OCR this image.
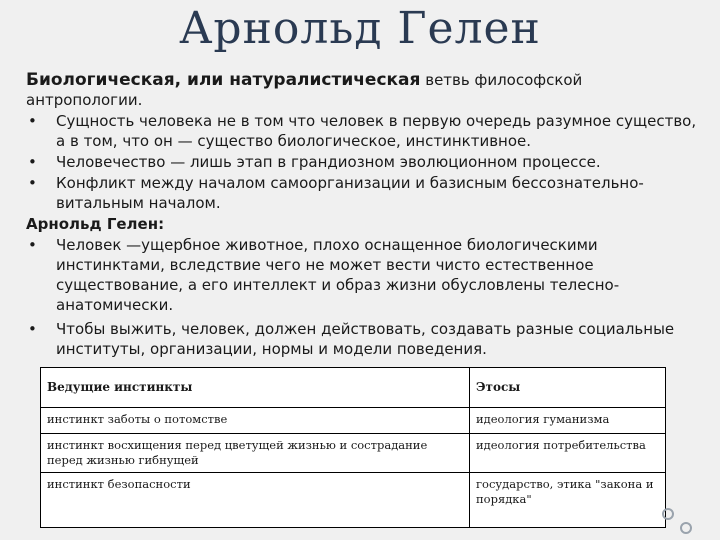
Арнольд Гелен
Биологическая, или натуралистическая ветвь философской
антропологии.
• Сущность человека не в том что человек в первую очередь разумное существо, а в том, что он — существо биологическое, инстинктивное.
• Человечество — лишь этап в грандиозном эволюционном процессе.
• Конфликт между началом самоорганизации и базисным бессознательно-витальным началом.
Арнольд Гелен:
• Человек —ущербное животное, плохо оснащенное биологическими инстинктами, вследствие чего не может вести чисто естественное существование, а его интеллект и образ жизни обусловлены телесно-анатомически.
• Чтобы выжить, человек, должен действовать, создавать разные социальные институты, организации, нормы и модели поведения.
Ведущие инстинкты	Этосы
инстинкт заботы о потомстве	идеология гуманизма
инстинкт восхищения перед цветущей жизнью и сострадание перед жизнью гибнущей	идеология потребительства
инстинкт безопасности	государство, этика "закона и порядка"
